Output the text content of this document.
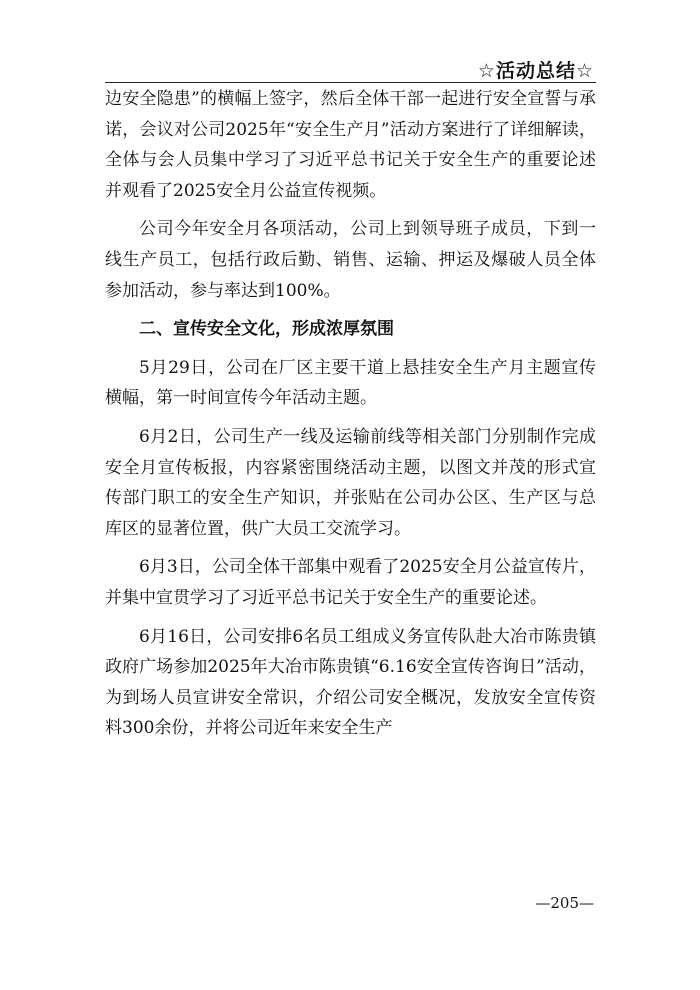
☆活动总结☆

边安全隐患”的横幅上签字，然后全体干部一起进行安全宣誓与承诺，会议对公司2025年“安全生产月”活动方案进行了详细解读，全体与会人员集中学习了习近平总书记关于安全生产的重要论述并观看了2025安全月公益宣传视频。

公司今年安全月各项活动，公司上到领导班子成员，下到一线生产员工，包括行政后勤、销售、运输、押运及爆破人员全体参加活动，参与率达到100%。

二、宣传安全文化，形成浓厚氛围

5月29日，公司在厂区主要干道上悬挂安全生产月主题宣传横幅，第一时间宣传今年活动主题。

6月2日，公司生产一线及运输前线等相关部门分别制作完成安全月宣传板报，内容紧密围绕活动主题，以图文并茂的形式宣传部门职工的安全生产知识，并张贴在公司办公区、生产区与总库区的显著位置，供广大员工交流学习。

6月3日，公司全体干部集中观看了2025安全月公益宣传片，并集中宣贯学习了习近平总书记关于安全生产的重要论述。

6月16日，公司安排6名员工组成义务宣传队赴大冶市陈贵镇政府广场参加2025年大冶市陈贵镇“6.16安全宣传咨询日”活动，为到场人员宣讲安全常识，介绍公司安全概况，发放安全宣传资料300余份，并将公司近年来安全生产

—205—
